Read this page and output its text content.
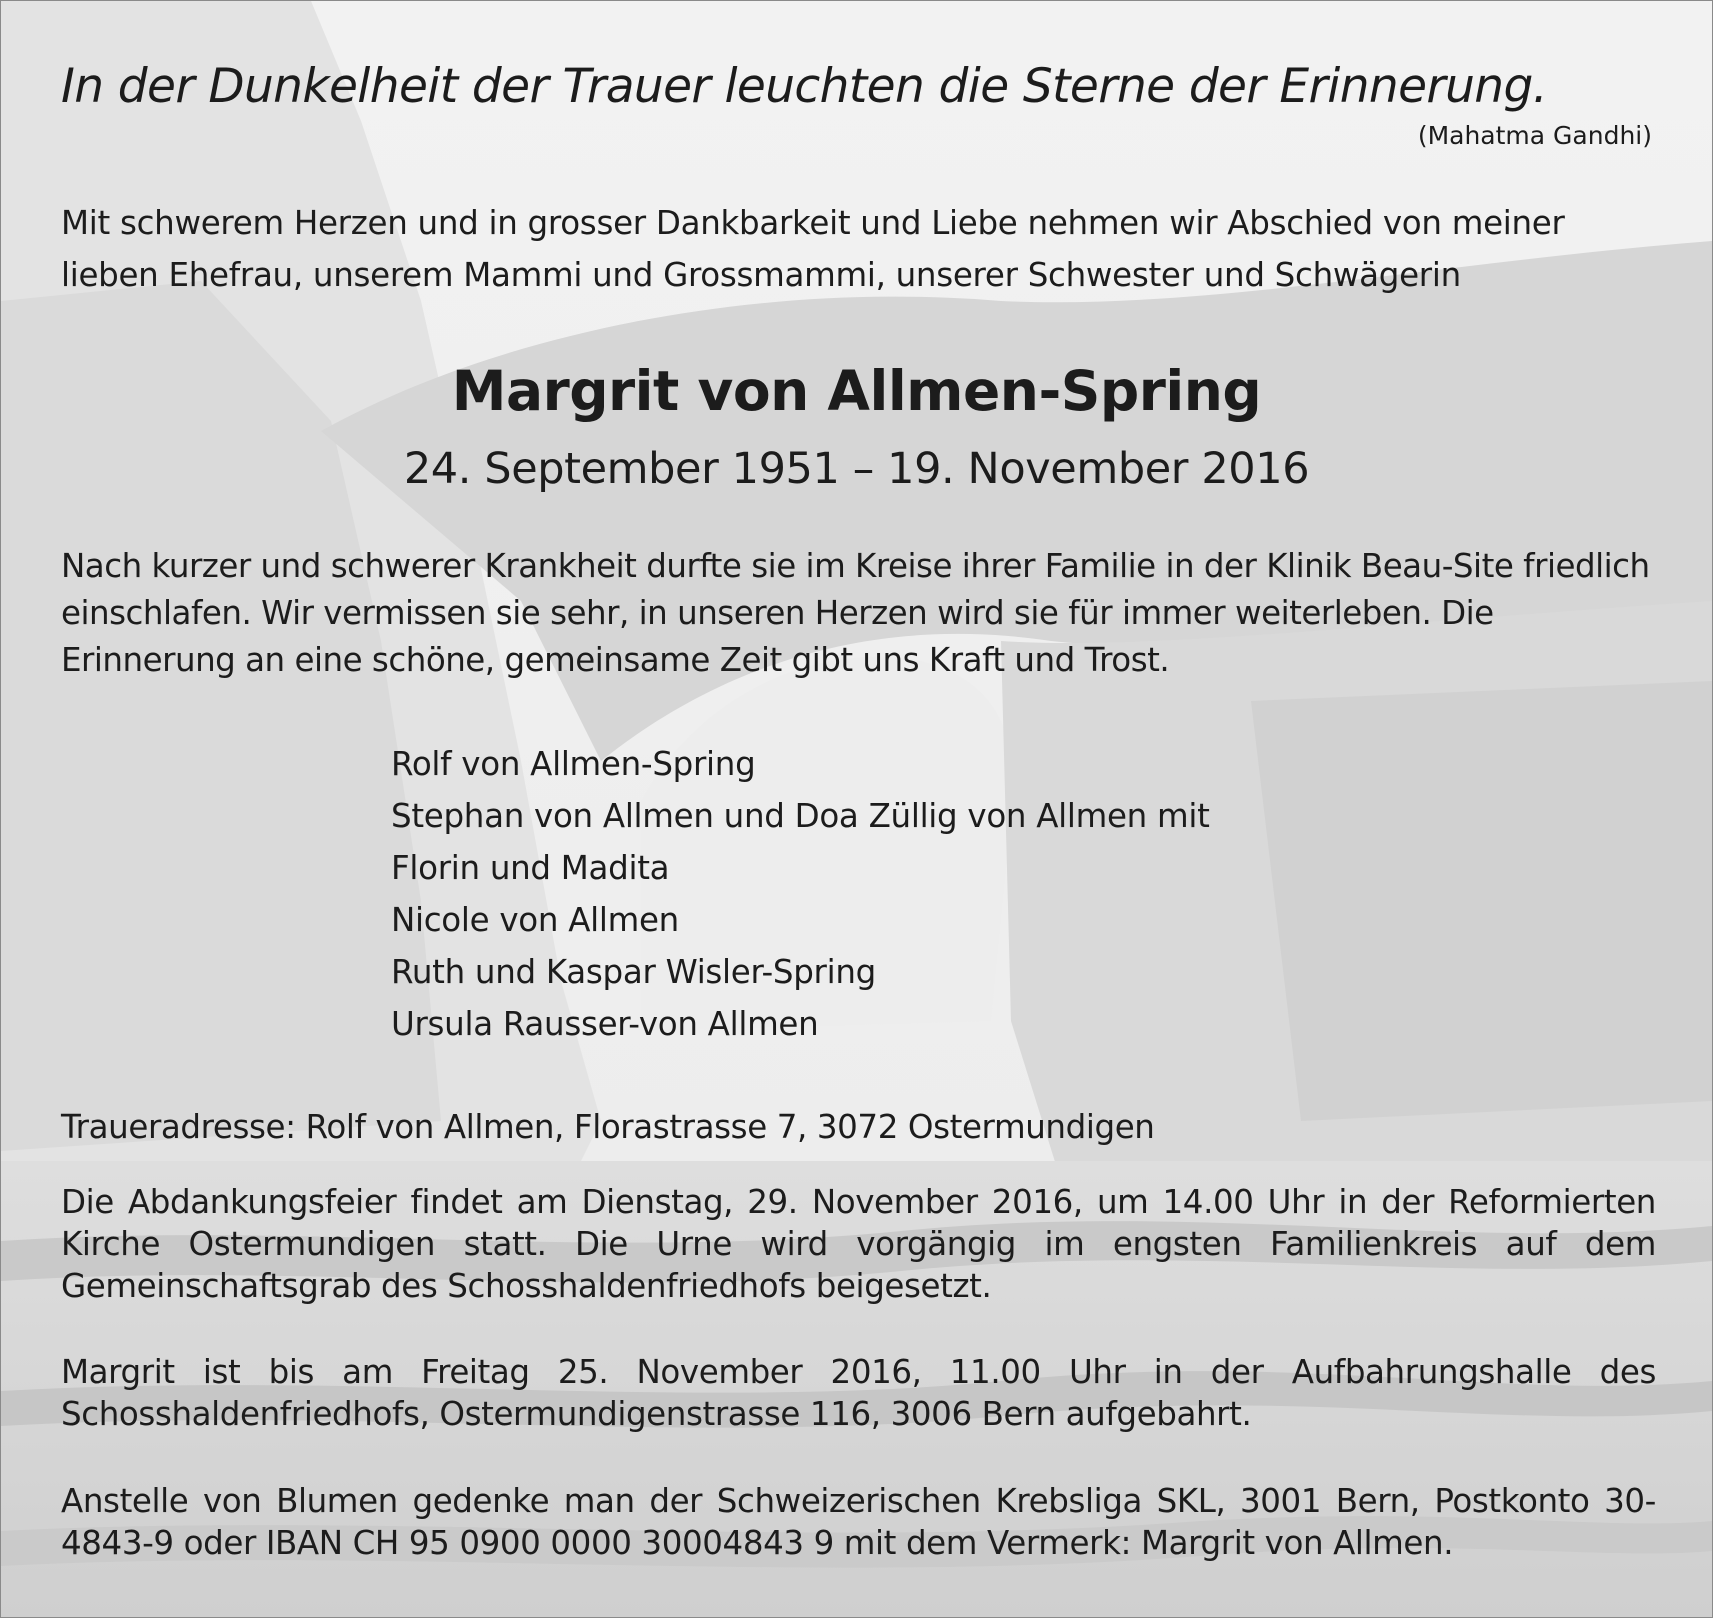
In der Dunkelheit der Trauer leuchten die Sterne der Erinnerung.

(Mahatma Gandhi)

Mit schwerem Herzen und in grosser Dankbarkeit und Liebe nehmen wir Abschied von meiner lieben Ehefrau, unserem Mammi und Grossmammi, unserer Schwester und Schwägerin

Margrit von Allmen-Spring

24. September 1951 – 19. November 2016

Nach kurzer und schwerer Krankheit durfte sie im Kreise ihrer Familie in der Klinik Beau-Site friedlich einschlafen. Wir vermissen sie sehr, in unseren Herzen wird sie für immer weiterleben. Die Erinnerung an eine schöne, gemeinsame Zeit gibt uns Kraft und Trost.

Rolf von Allmen-Spring
Stephan von Allmen und Doa Züllig von Allmen mit
Florin und Madita
Nicole von Allmen
Ruth und Kaspar Wisler-Spring
Ursula Rausser-von Allmen

Traueradresse: Rolf von Allmen, Florastrasse 7, 3072 Ostermundigen

Die Abdankungsfeier findet am Dienstag, 29. November 2016, um 14.00 Uhr in der Reformierten Kirche Ostermundigen statt. Die Urne wird vorgängig im engsten Familienkreis auf dem Gemeinschaftsgrab des Schosshaldenfriedhofs beigesetzt.

Margrit ist bis am Freitag 25. November 2016, 11.00 Uhr in der Aufbahrungshalle des Schosshaldenfriedhofs, Ostermundigenstrasse 116, 3006 Bern aufgebahrt.

Anstelle von Blumen gedenke man der Schweizerischen Krebsliga SKL, 3001 Bern, Postkonto 30-4843-9 oder IBAN CH 95 0900 0000 30004843 9 mit dem Vermerk: Margrit von Allmen.
